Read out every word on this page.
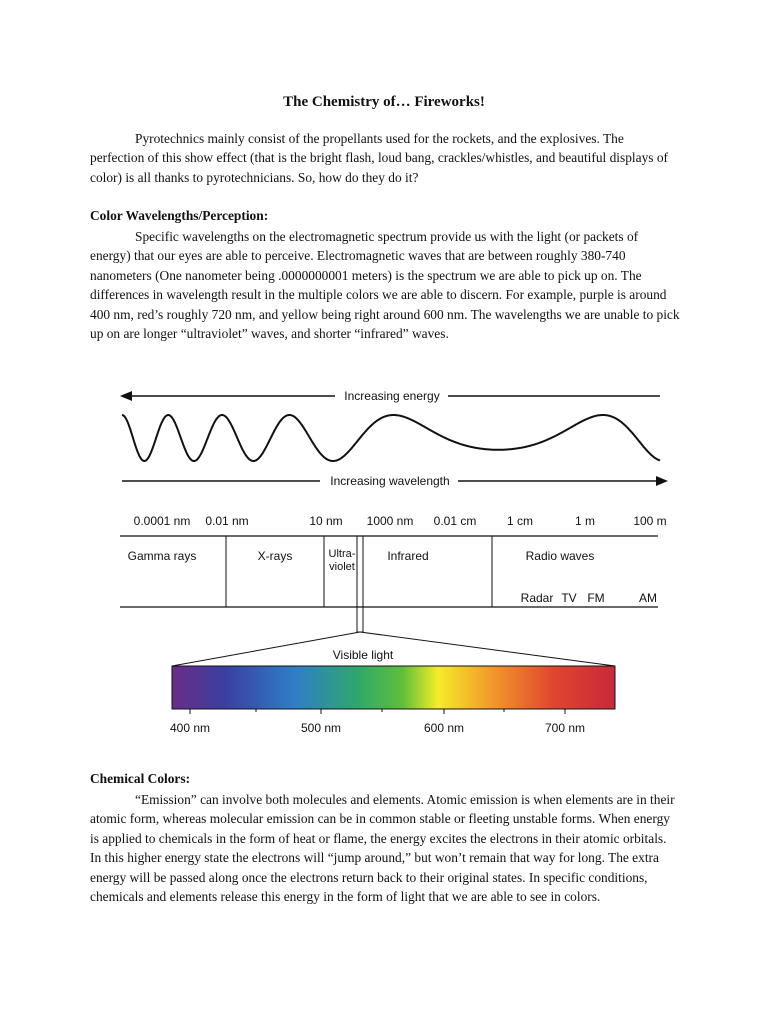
The Chemistry of… Fireworks!

Pyrotechnics mainly consist of the propellants used for the rockets, and the explosives. The perfection of this show effect (that is the bright flash, loud bang, crackles/whistles, and beautiful displays of color) is all thanks to pyrotechnicians. So, how do they do it?

Color Wavelengths/Perception:

Specific wavelengths on the electromagnetic spectrum provide us with the light (or packets of energy) that our eyes are able to perceive. Electromagnetic waves that are between roughly 380-740 nanometers (One nanometer being .0000000001 meters) is the spectrum we are able to pick up on. The differences in wavelength result in the multiple colors we are able to discern. For example, purple is around 400 nm, red’s roughly 720 nm, and yellow being right around 600 nm. The wavelengths we are unable to pick up on are longer “ultraviolet” waves, and shorter “infrared” waves.

Increasing energy
Increasing wavelength
0.0001 nm 0.01 nm	10 nm 1000 nm 0.01 cm	1 cm	1 m	100 m
Gamma rays	X-rays	Ultra-
violet
Infrared	Radio waves
Radar TV FM	AM
Visible light
400 nm	500 nm	600 nm	700 nm
Chemical Colors:

“Emission” can involve both molecules and elements. Atomic emission is when elements are in their atomic form, whereas molecular emission can be in common stable or fleeting unstable forms. When energy is applied to chemicals in the form of heat or flame, the energy excites the electrons in their atomic orbitals. In this higher energy state the electrons will “jump around,” but won’t remain that way for long. The extra energy will be passed along once the electrons return back to their original states. In specific conditions, chemicals and elements release this energy in the form of light that we are able to see in colors.
